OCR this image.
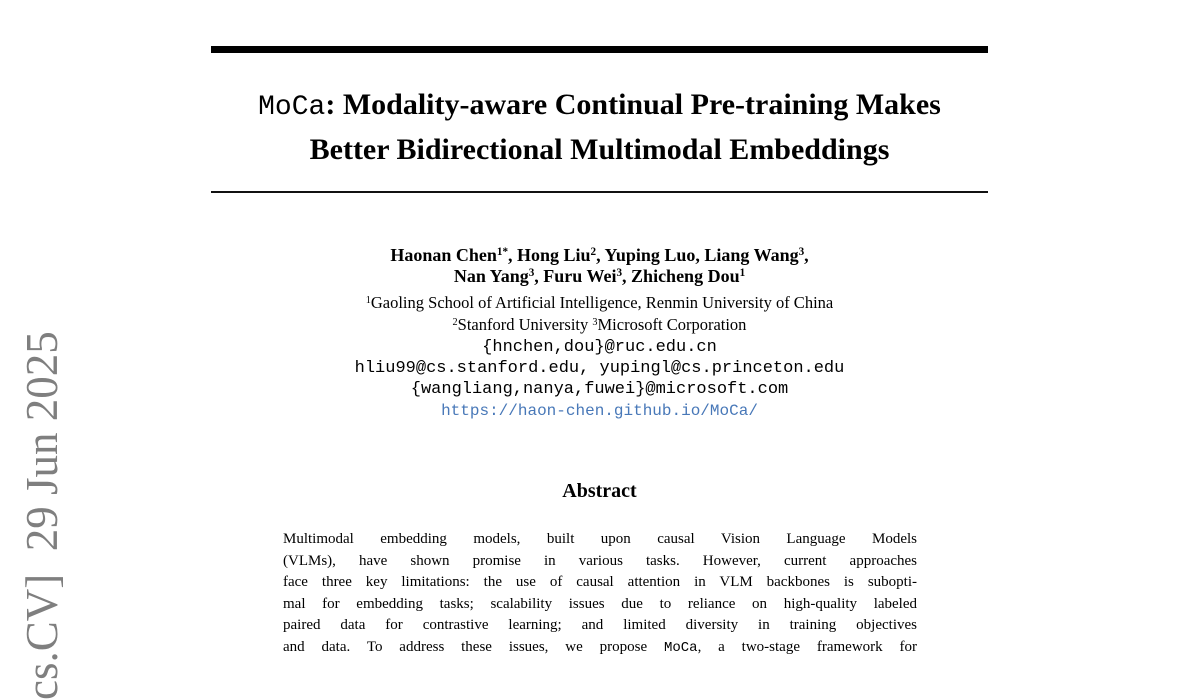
cs.CV]  29 Jun 2025
MoCa: Modality-aware Continual Pre-training Makes
Better Bidirectional Multimodal Embeddings
Haonan Chen$^{1*}$, Hong Liu$^2$, Yuping Luo, Liang Wang$^3$,
Nan Yang$^3$, Furu Wei$^3$, Zhicheng Dou$^1$
$^1$Gaoling School of Artificial Intelligence, Renmin University of China
$^2$Stanford University $^3$Microsoft Corporation
{hnchen,dou}@ruc.edu.cn
hliu99@cs.stanford.edu, yupingl@cs.princeton.edu
{wangliang,nanya,fuwei}@microsoft.com
https://haon-chen.github.io/MoCa/
Abstract
Multimodal embedding models, built upon causal Vision Language Models
(VLMs), have shown promise in various tasks. However, current approaches
face three key limitations: the use of causal attention in VLM backbones is subopti-
mal for embedding tasks; scalability issues due to reliance on high-quality labeled
paired data for contrastive learning; and limited diversity in training objectives
and data. To address these issues, we propose MoCa, a two-stage framework for
